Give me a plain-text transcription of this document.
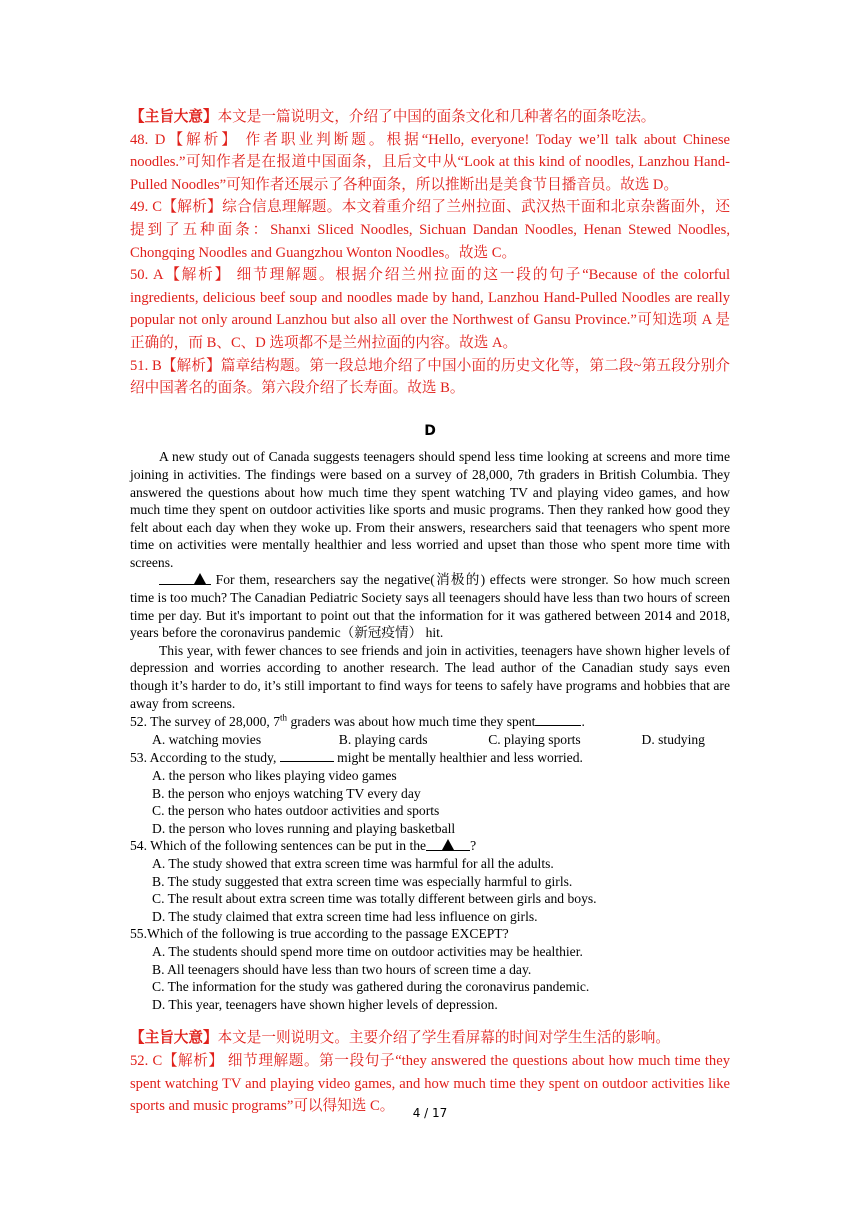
【主旨大意】本文是一篇说明文，介绍了中国的面条文化和几种著名的面条吃法。

48. D【解析】 作者职业判断题。根据“Hello, everyone! Today we’ll talk about Chinese noodles.”可知作者是在报道中国面条，且后文中从“Look at this kind of noodles, Lanzhou Hand-Pulled Noodles”可知作者还展示了各种面条，所以推断出是美食节目播音员。故选 D。

49. C【解析】综合信息理解题。本文着重介绍了兰州拉面、武汉热干面和北京杂酱面外，还提到了五种面条：Shanxi Sliced Noodles, Sichuan Dandan Noodles, Henan Stewed Noodles, Chongqing Noodles and Guangzhou Wonton Noodles。故选 C。

50. A【解析】 细节理解题。根据介绍兰州拉面的这一段的句子“Because of the colorful ingredients, delicious beef soup and noodles made by hand, Lanzhou Hand-Pulled Noodles are really popular not only around Lanzhou but also all over the Northwest of Gansu Province.”可知选项 A 是正确的，而 B、C、D 选项都不是兰州拉面的内容。故选 A。

51. B【解析】篇章结构题。第一段总地介绍了中国小面的历史文化等，第二段~第五段分别介绍中国著名的面条。第六段介绍了长寿面。故选 B。

D

A new study out of Canada suggests teenagers should spend less time looking at screens and more time joining in activities. The findings were based on a survey of 28,000, 7th graders in British Columbia. They answered the questions about how much time they spent watching TV and playing video games, and how much time they spent on outdoor activities like sports and music programs. Then they ranked how good they felt about each day when they woke up. From their answers, researchers said that teenagers who spent more time on activities were mentally healthier and less worried and upset than those who spent more time with screens.

For them, researchers say the negative(消极的) effects were stronger. So how much screen time is too much? The Canadian Pediatric Society says all teenagers should have less than two hours of screen time per day. But it's important to point out that the information for it was gathered between 2014 and 2018, years before the coronavirus pandemic（新冠疫情） hit.

This year, with fewer chances to see friends and join in activities, teenagers have shown higher levels of depression and worries according to another research. The lead author of the Canadian study says even though it’s harder to do, it’s still important to find ways for teens to safely have programs and hobbies that are away from screens.

52. The survey of 28,000, 7th graders was about how much time they spent	.

A. watching movies	B. playing cards	C. playing sports	D. studying

53. According to the study,	might be mentally healthier and less worried.

A. the person who likes playing video games
B. the person who enjoys watching TV every day
C. the person who hates outdoor activities and sports
D. the person who loves running and playing basketball

54. Which of the following sentences can be put in the	?

A. The study showed that extra screen time was harmful for all the adults.
B. The study suggested that extra screen time was especially harmful to girls.
C. The result about extra screen time was totally different between girls and boys.
D. The study claimed that extra screen time had less influence on girls.

55.Which of the following is true according to the passage EXCEPT?

A. The students should spend more time on outdoor activities may be healthier.
B. All teenagers should have less than two hours of screen time a day.
C. The information for the study was gathered during the coronavirus pandemic.
D. This year, teenagers have shown higher levels of depression.

【主旨大意】本文是一则说明文。主要介绍了学生看屏幕的时间对学生生活的影响。

52. C【解析】 细节理解题。第一段句子“they answered the questions about how much time they spent watching TV and playing video games, and how much time they spent on outdoor activities like sports and music programs”可以得知选 C。	4 / 17
